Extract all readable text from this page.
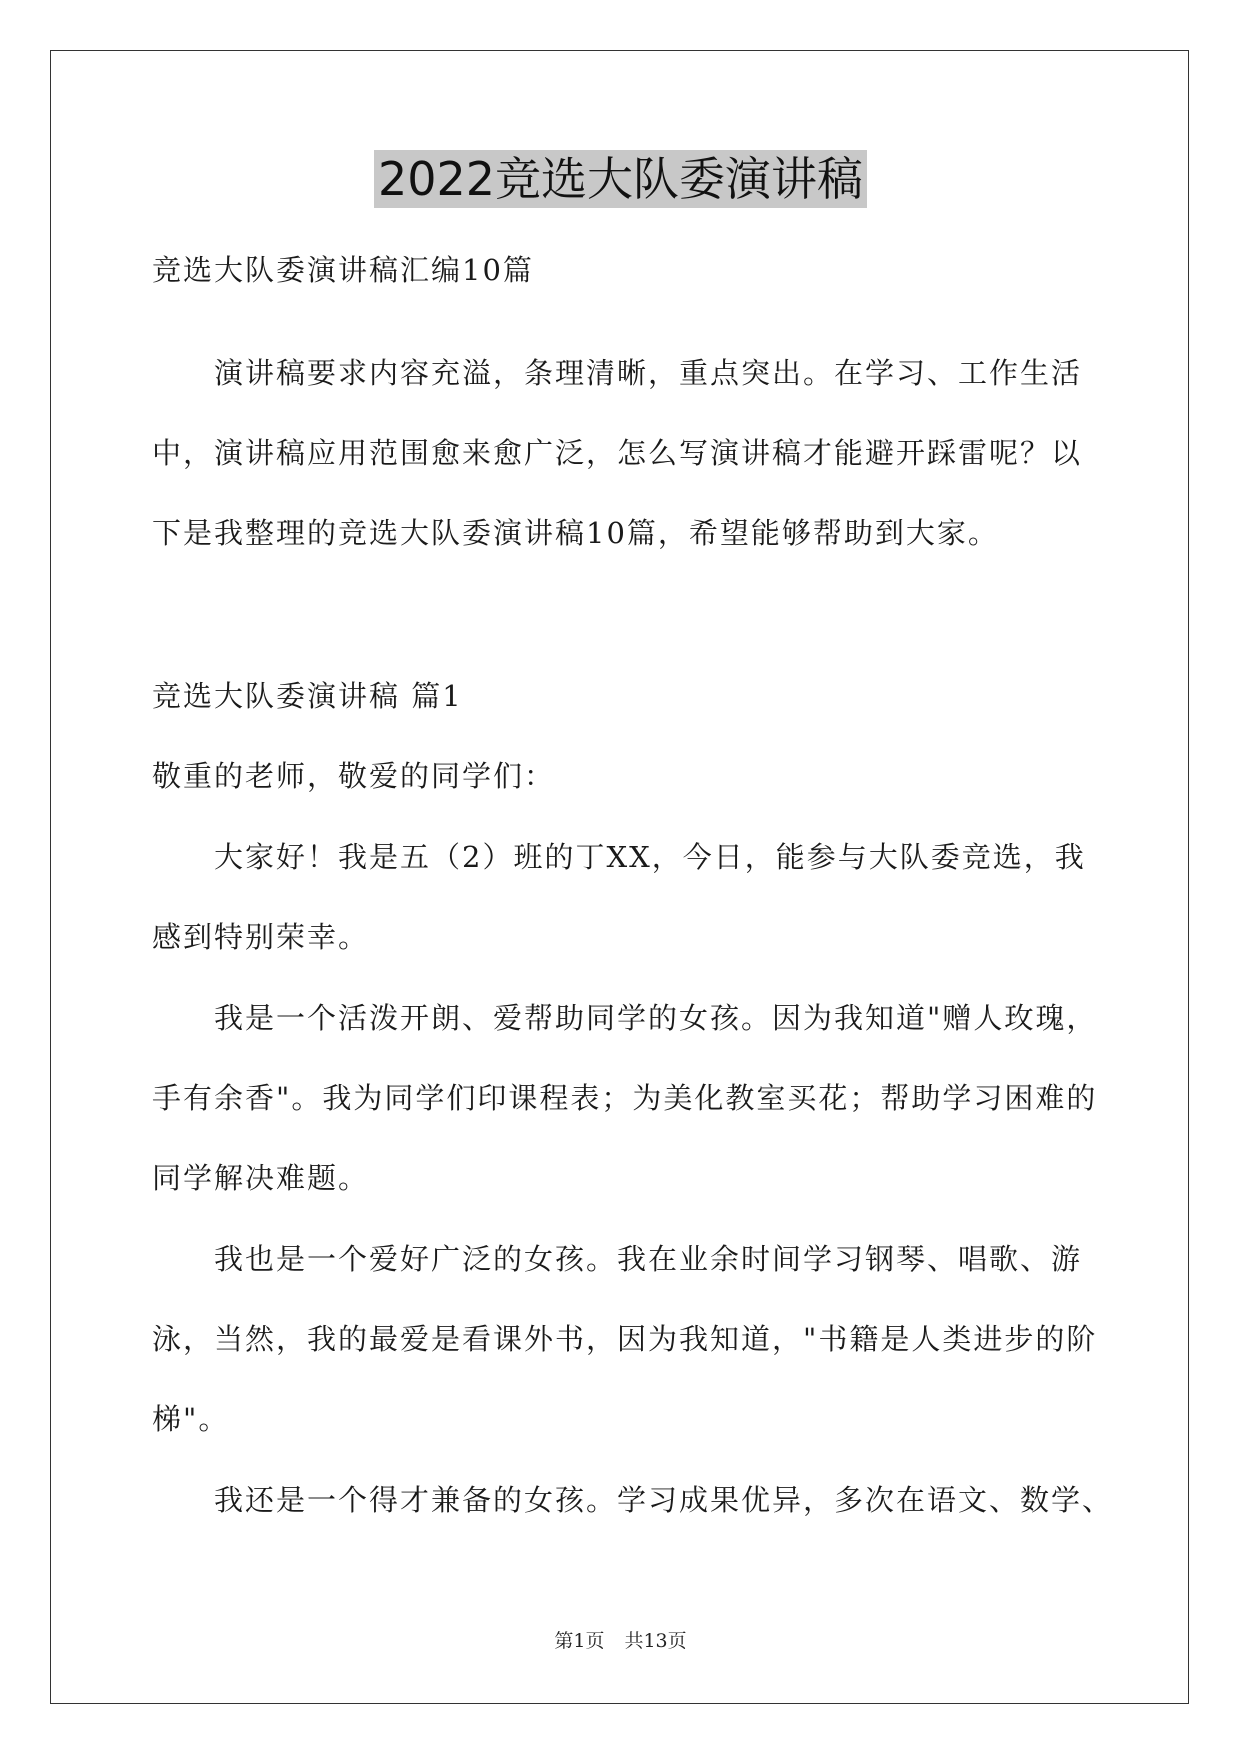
2022竞选大队委演讲稿
竞选大队委演讲稿汇编10篇
演讲稿要求内容充溢，条理清晰，重点突出。在学习、工作生活
中，演讲稿应用范围愈来愈广泛，怎么写演讲稿才能避开踩雷呢？以
下是我整理的竞选大队委演讲稿10篇，希望能够帮助到大家。
竞选大队委演讲稿 篇1
敬重的老师，敬爱的同学们：
大家好！我是五（2）班的丁XX，今日，能参与大队委竞选，我
感到特别荣幸。
我是一个活泼开朗、爱帮助同学的女孩。因为我知道"赠人玫瑰，
手有余香"。我为同学们印课程表；为美化教室买花；帮助学习困难的
同学解决难题。
我也是一个爱好广泛的女孩。我在业余时间学习钢琴、唱歌、游
泳，当然，我的最爱是看课外书，因为我知道，"书籍是人类进步的阶
梯"。
我还是一个得才兼备的女孩。学习成果优异，多次在语文、数学、
第1页 共13页
